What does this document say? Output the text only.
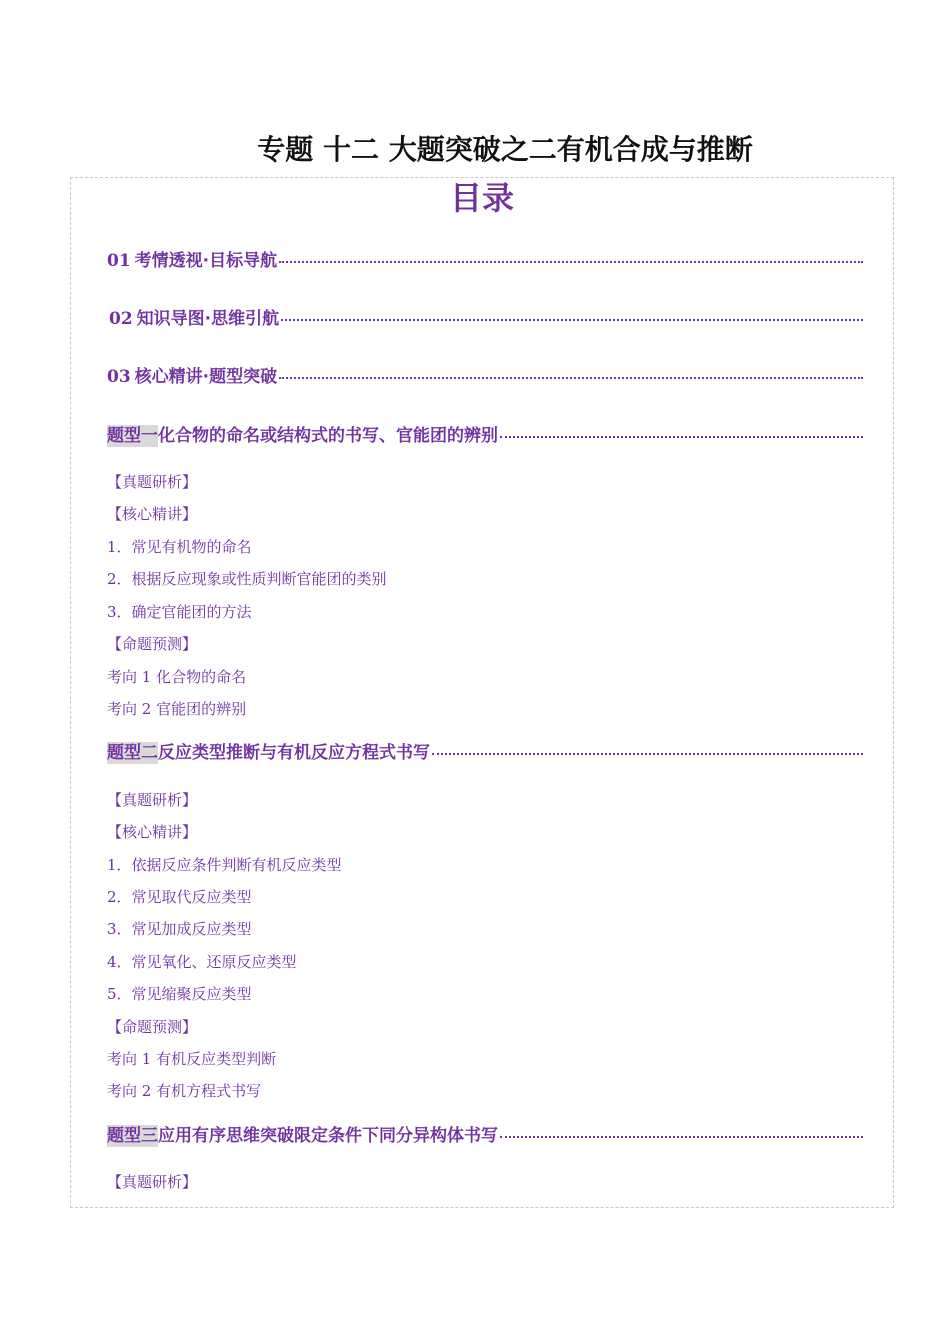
专题 十二 大题突破之二有机合成与推断
目录
01 考情透视·目标导航
02 知识导图·思维引航
03 核心精讲·题型突破
题型一 化合物的命名或结构式的书写、官能团的辨别
【真题研析】
【核心精讲】
1．常见有机物的命名
2．根据反应现象或性质判断官能团的类别
3．确定官能团的方法
【命题预测】
考向 1 化合物的命名
考向 2 官能团的辨别
题型二 反应类型推断与有机反应方程式书写
【真题研析】
【核心精讲】
1．依据反应条件判断有机反应类型
2．常见取代反应类型
3．常见加成反应类型
4．常见氧化、还原反应类型
5．常见缩聚反应类型
【命题预测】
考向 1 有机反应类型判断
考向 2 有机方程式书写
题型三 应用有序思维突破限定条件下同分异构体书写
【真题研析】
